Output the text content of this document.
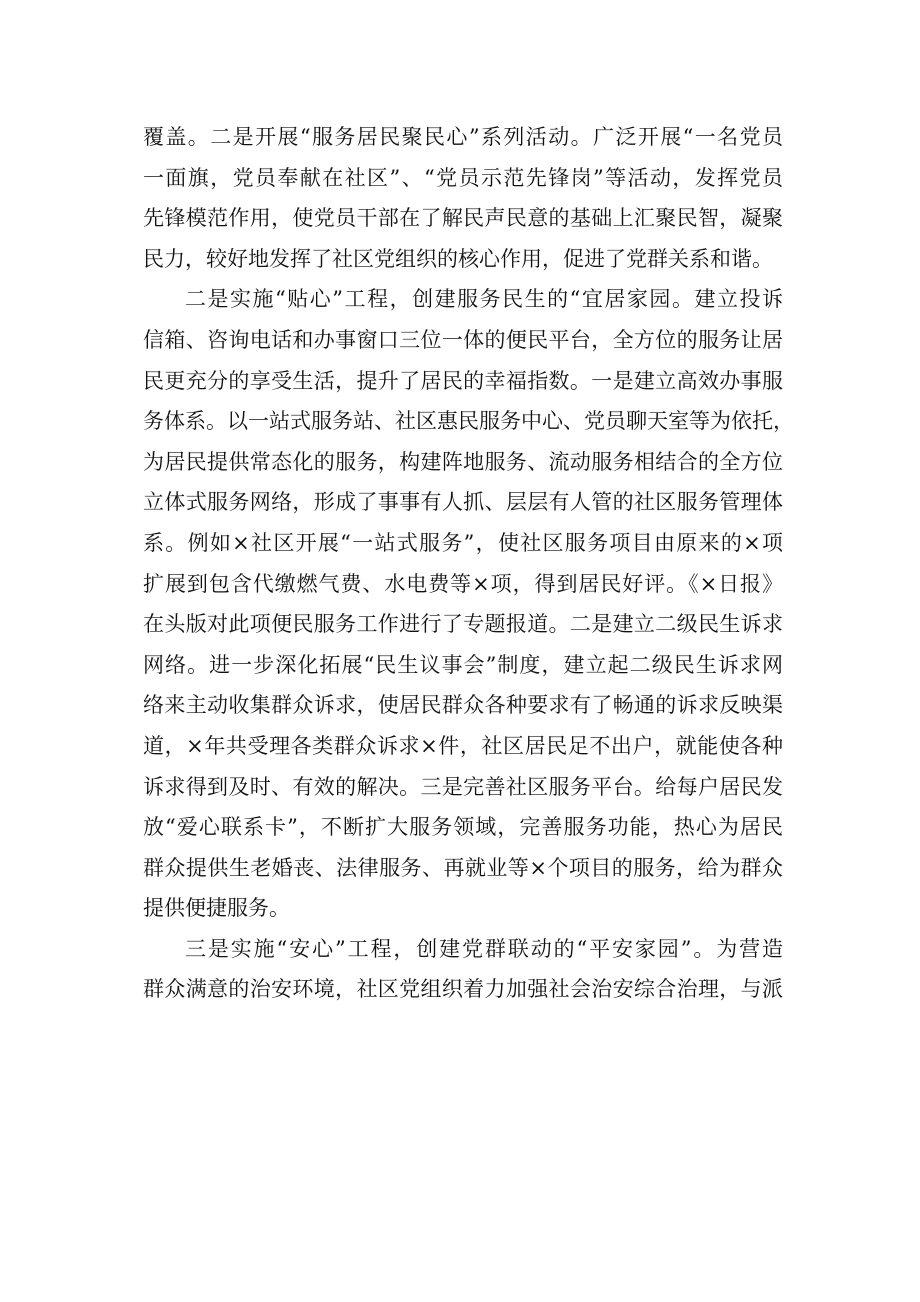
覆盖。二是开展“服务居民聚民心”系列活动。广泛开展“一名党员
一面旗，党员奉献在社区”、“党员示范先锋岗”等活动，发挥党员
先锋模范作用，使党员干部在了解民声民意的基础上汇聚民智，凝聚
民力，较好地发挥了社区党组织的核心作用，促进了党群关系和谐。

二是实施“贴心”工程，创建服务民生的“宜居家园。建立投诉
信箱、咨询电话和办事窗口三位一体的便民平台，全方位的服务让居
民更充分的享受生活，提升了居民的幸福指数。一是建立高效办事服
务体系。以一站式服务站、社区惠民服务中心、党员聊天室等为依托，
为居民提供常态化的服务，构建阵地服务、流动服务相结合的全方位
立体式服务网络，形成了事事有人抓、层层有人管的社区服务管理体
系。例如×社区开展“一站式服务”，使社区服务项目由原来的×项
扩展到包含代缴燃气费、水电费等×项，得到居民好评。《×日报》
在头版对此项便民服务工作进行了专题报道。二是建立二级民生诉求
网络。进一步深化拓展“民生议事会”制度，建立起二级民生诉求网
络来主动收集群众诉求，使居民群众各种要求有了畅通的诉求反映渠
道，×年共受理各类群众诉求×件，社区居民足不出户，就能使各种
诉求得到及时、有效的解决。三是完善社区服务平台。给每户居民发
放“爱心联系卡”，不断扩大服务领域，完善服务功能，热心为居民
群众提供生老婚丧、法律服务、再就业等×个项目的服务，给为群众
提供便捷服务。

三是实施“安心”工程，创建党群联动的“平安家园”。为营造
群众满意的治安环境，社区党组织着力加强社会治安综合治理，与派
